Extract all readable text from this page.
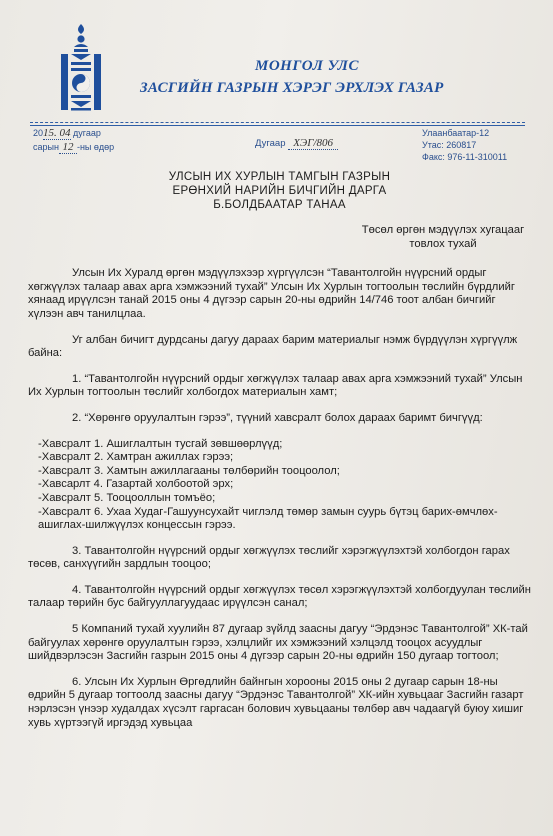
МОНГОЛ УЛС
ЗАСГИЙН ГАЗРЫН ХЭРЭГ ЭРХЛЭХ ГАЗАР
2015. 04 дугаар
сарын 12 -ны өдөр	Дугаар ХЭГ/806
Улаанбаатар-12
Утас: 260817
Факс: 976-11-310011
УЛСЫН ИХ ХУРЛЫН ТАМГЫН ГАЗРЫН
ЕРӨНХИЙ НАРИЙН БИЧГИЙН ДАРГА
Б.БОЛДБААТАР ТАНАА
Төсөл өргөн мэдүүлэх хугацааг
товлох тухай

Улсын Их Хуралд өргөн мэдүүлэхээр хүргүүлсэн “Тавантолгойн нүүрсний ордыг хөгжүүлэх талаар авах арга хэмжээний тухай” Улсын Их Хурлын тогтоолын төслийн бүрдлийг хянаад ирүүлсэн танай 2015 оны 4 дүгээр сарын 20-ны өдрийн 14/746 тоот албан бичгийг хүлээн авч танилцлаа.

Уг албан бичигт дурдсаны дагуу дараах барим материалыг нэмж бүрдүүлэн хүргүүлж байна:

1. “Тавантолгойн нүүрсний ордыг хөгжүүлэх талаар авах арга хэмжээний тухай” Улсын Их Хурлын тогтоолын төслийг холбогдох материалын хамт;

2. “Хөрөнгө оруулалтын гэрээ”, түүний хавсралт болох дараах баримт бичгүүд:

-Хавсралт 1. Ашиглалтын тусгай зөвшөөрлүүд;

-Хавсралт 2. Хамтран ажиллах гэрээ;

-Хавсралт 3. Хамтын ажиллагааны төлбөрийн тооцоолол;

-Хавсарлт 4. Газартай холбоотой эрх;

-Хавсралт 5. Тооцооллын томъёо;

-Хавсралт 6. Ухаа Худаг-Гашуунсухайт чиглэлд төмөр замын суурь бүтэц барих-өмчлөх-ашиглах-шилжүүлэх концессын гэрээ.

3. Тавантолгойн нүүрсний ордыг хөгжүүлэх төслийг хэрэгжүүлэхтэй холбогдон гарах төсөв, санхүүгийн зардлын тооцоо;

4. Тавантолгойн нүүрсний ордыг хөгжүүлэх төсөл хэрэгжүүлэхтэй холбогдуулан төслийн талаар төрийн бус байгууллагуудаас ирүүлсэн санал;

5 Компаний тухай хуулийн 87 дугаар зүйлд заасны дагуу “Эрдэнэс Тавантолгой” ХК-тай байгуулах хөрөнгө оруулалтын гэрээ, хэлцлийг их хэмжээний хэлцэлд тооцох асуудлыг шийдвэрлэсэн Засгийн газрын 2015 оны 4 дүгээр сарын 20-ны өдрийн 150 дугаар тогтоол;

6. Улсын Их Хурлын Өргөдлийн байнгын хорооны 2015 оны 2 дугаар сарын 18-ны өдрийн 5 дугаар тогтоолд заасны дагуу “Эрдэнэс Тавантолгой” ХК-ийн хувьцааг Засгийн газарт нэрлэсэн үнээр худалдах хүсэлт гаргасан болович хувьцааны төлбөр авч чадаагүй буюу хишиг хувь хүртээгүй иргэдэд хувьцаа
